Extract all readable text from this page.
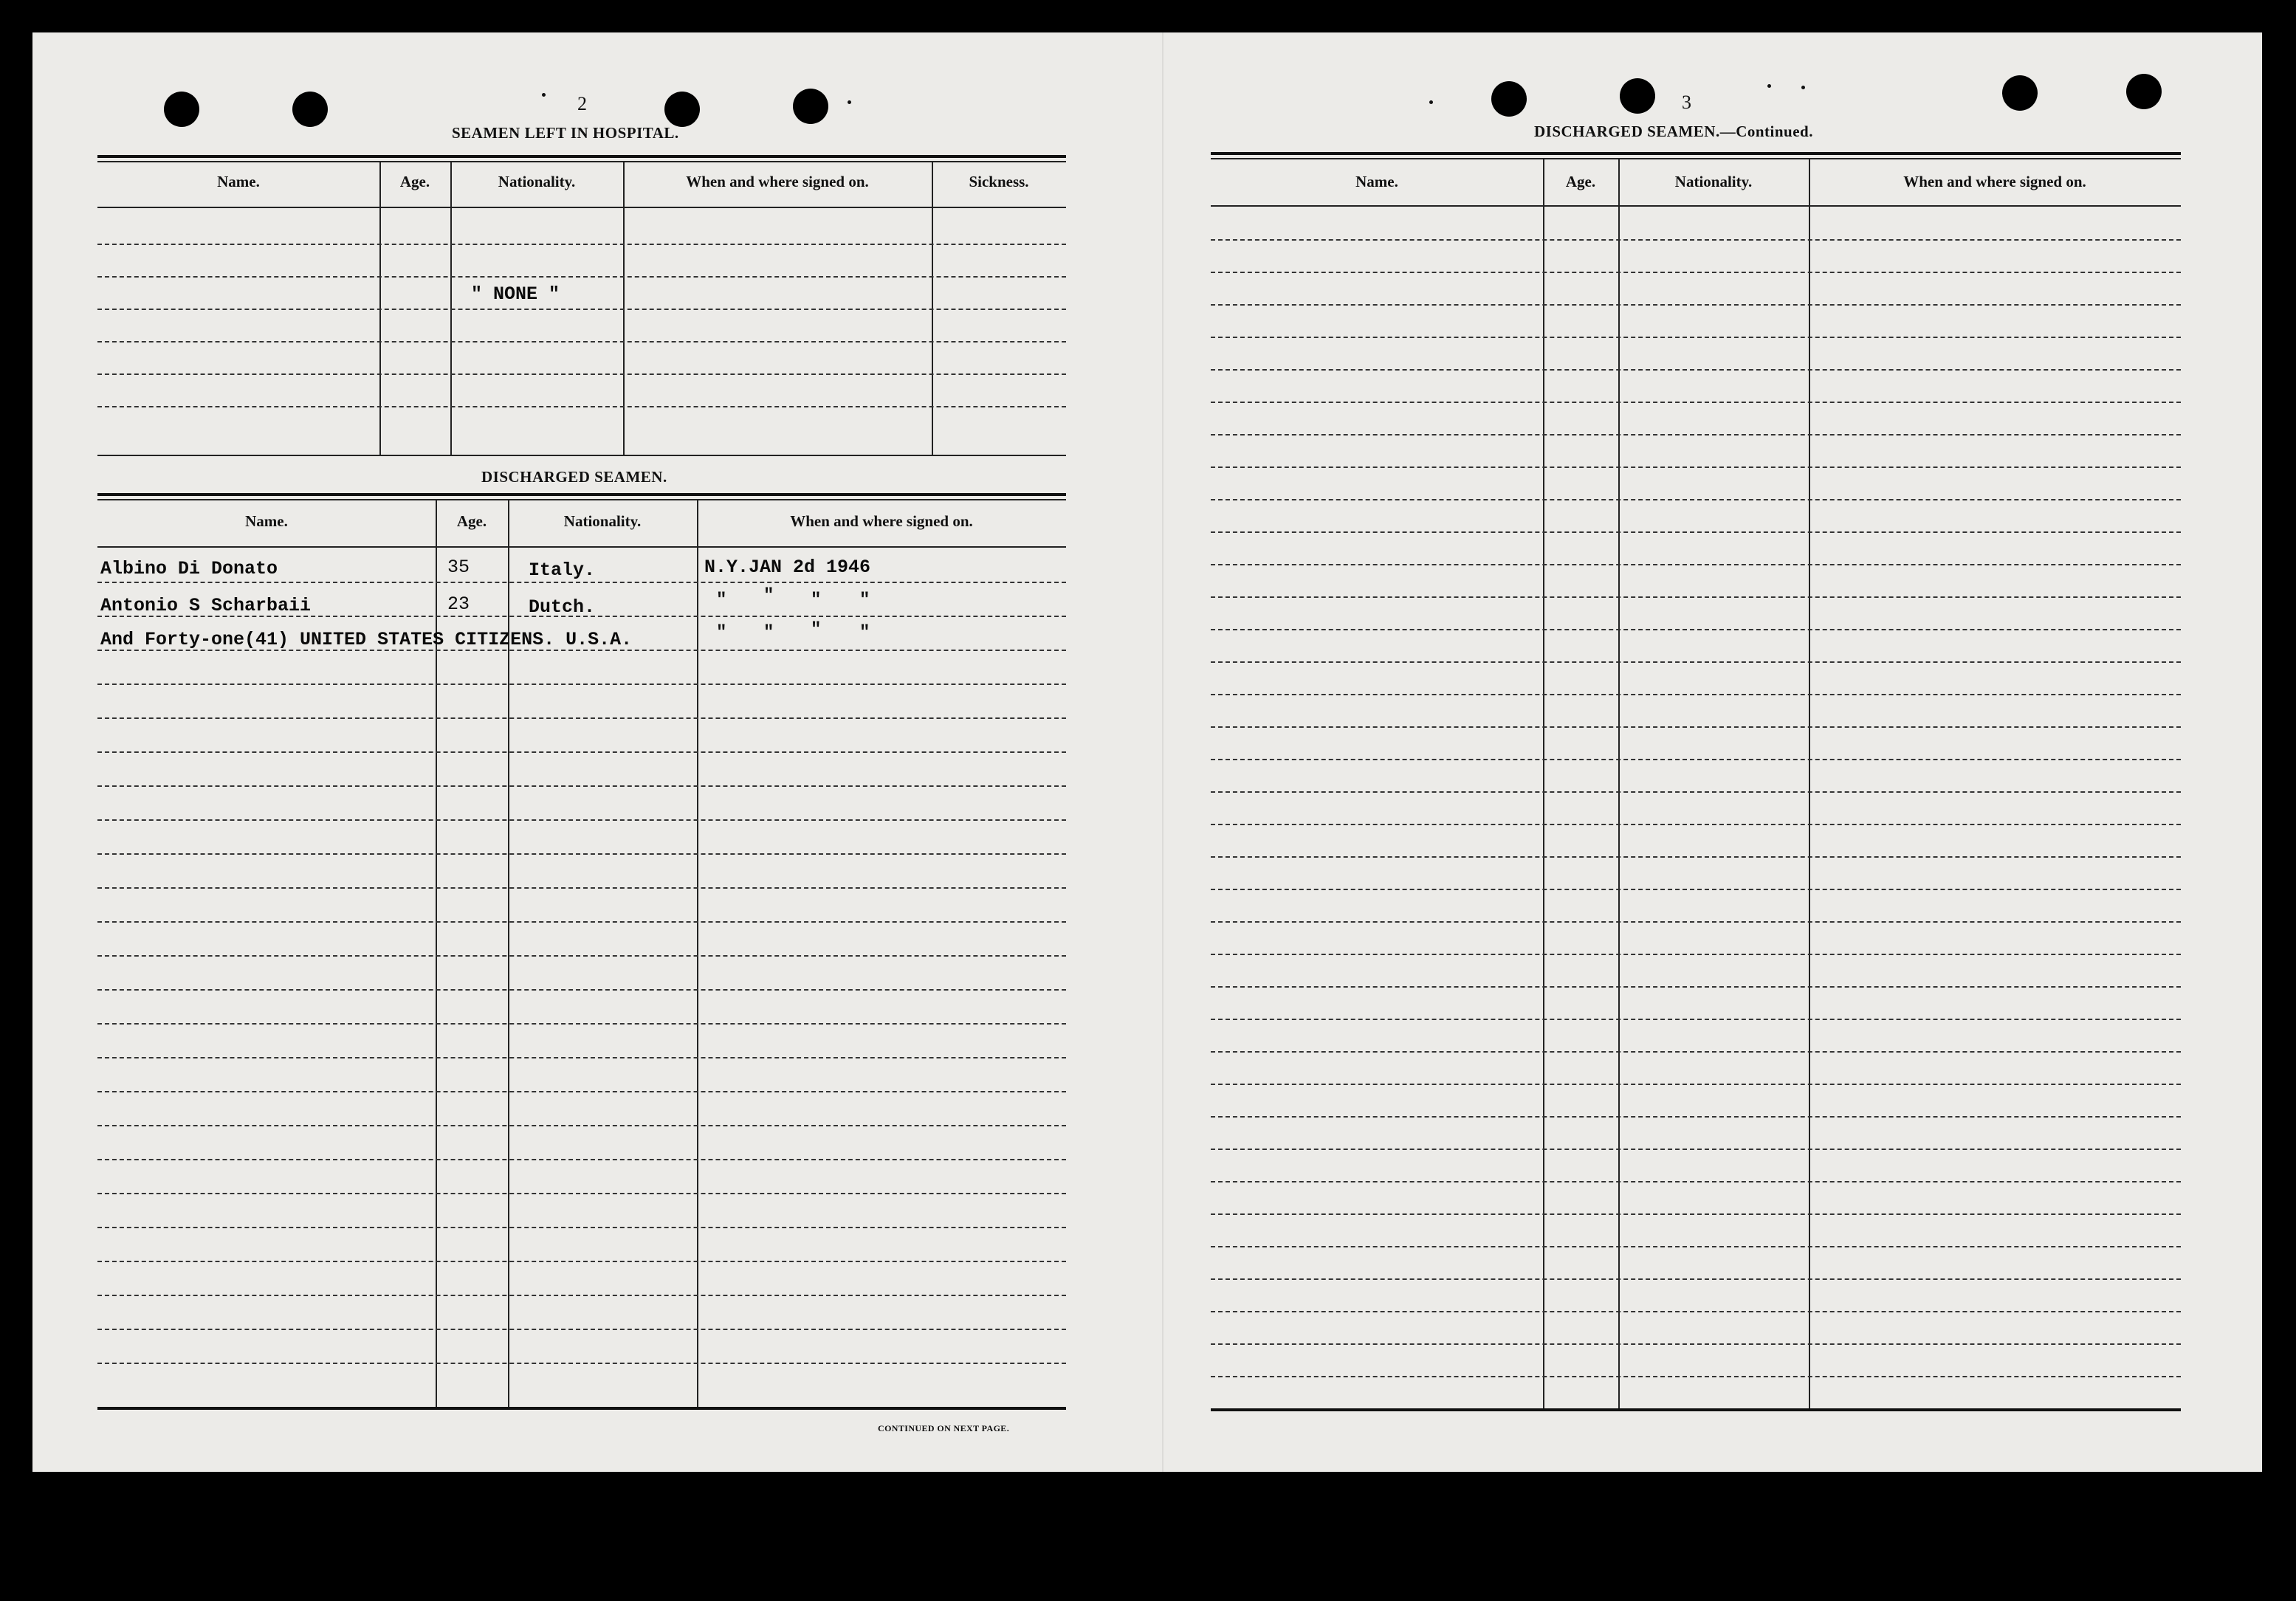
2
SEAMEN LEFT IN HOSPITAL.
Name.	Age.	Nationality.	When and where signed on.	Sickness.
" NONE "
DISCHARGED SEAMEN.
Name.	Age.	Nationality.	When and where signed on.
Albino Di Donato	35	Italy.	N.Y.JAN 2d 1946
Antonio S Scharbaii	23	Dutch.	" " " "
And Forty-one(41) UNITED STATES CITIZENS. U.S.A.	" " " "
CONTINUED ON NEXT PAGE.
3
DISCHARGED SEAMEN.—Continued.
Name.	Age.	Nationality.	When and where signed on.
